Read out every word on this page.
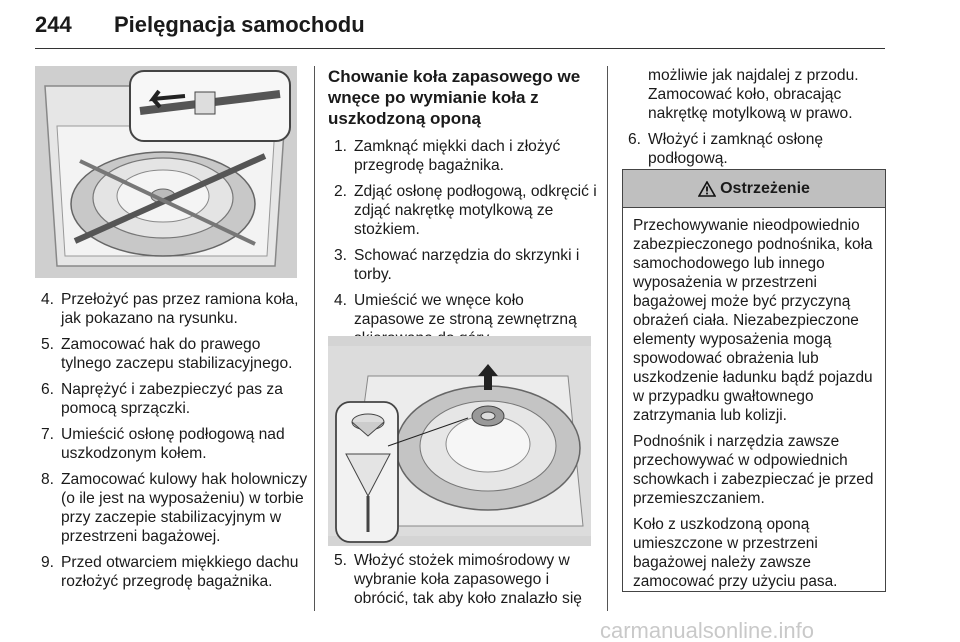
244 Pielęgnacja samochodu
4. Przełożyć pas przez ramiona koła, jak pokazano na rysunku.
5. Zamocować hak do prawego tylnego zaczepu stabilizacyjnego.
6. Naprężyć i zabezpieczyć pas za pomocą sprzączki.
7. Umieścić osłonę podłogową nad uszkodzonym kołem.
8. Zamocować kulowy hak holowniczy (o ile jest na wyposażeniu) w torbie przy zaczepie stabilizacyjnym w przestrzeni bagażowej.
9. Przed otwarciem miękkiego dachu rozłożyć przegrodę bagażnika.
Chowanie koła zapasowego we wnęce po wymianie koła z uszkodzoną oponą
1. Zamknąć miękki dach i złożyć przegrodę bagażnika.
2. Zdjąć osłonę podłogową, odkręcić i zdjąć nakrętkę motylkową ze stożkiem.
3. Schować narzędzia do skrzynki i torby.
4. Umieścić we wnęce koło zapasowe ze stroną zewnętrzną
5. Włożyć stożek mimośrodowy w wybranie koła zapasowego i obrócić, tak aby koło znalazło się
możliwie jak najdalej z przodu. Zamocować koło, obracając nakrętkę motylkową w prawo.
6. Włożyć i zamknąć osłonę podłogową.
Ostrzeżenie

Przechowywanie nieodpowiednio zabezpieczonego podnośnika, koła samochodowego lub innego wyposażenia w przestrzeni bagażowej może być przyczyną obrażeń ciała. Niezabezpieczone elementy wyposażenia mogą spowodować obrażenia lub uszkodzenie ładunku bądź pojazdu w przypadku gwałtownego zatrzymania lub kolizji.

Podnośnik i narzędzia zawsze przechowywać w odpowiednich schowkach i zabezpieczać je przed przemieszczaniem.

Koło z uszkodzoną oponą umieszczone w przestrzeni bagażowej należy zawsze zamocować przy użyciu pasa.

carmanualsonline.info
